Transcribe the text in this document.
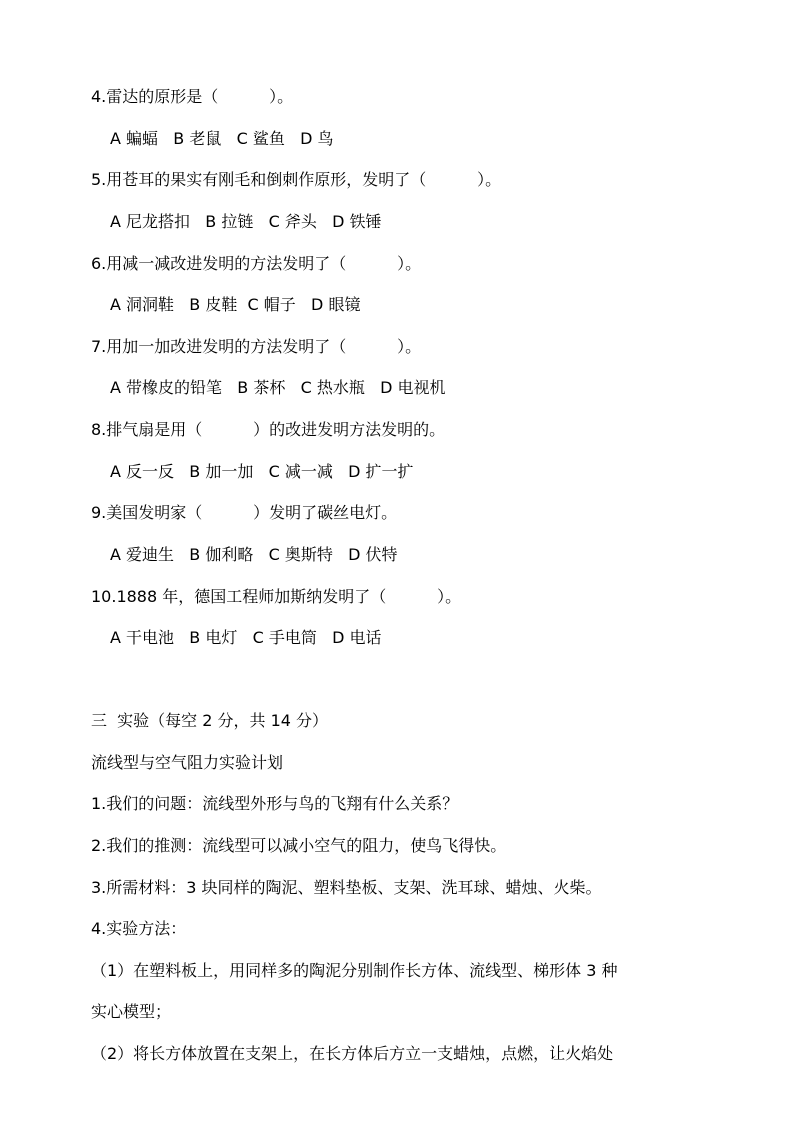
4.雷达的原形是（          ）。
A 蝙蝠   B 老鼠   C 鲨鱼   D 鸟
5.用苍耳的果实有刚毛和倒刺作原形，发明了（          ）。
A 尼龙搭扣   B 拉链   C 斧头   D 铁锤
6.用减一减改进发明的方法发明了（          ）。
A 洞洞鞋   B 皮鞋  C 帽子   D 眼镜
7.用加一加改进发明的方法发明了（          ）。
A 带橡皮的铅笔   B 茶杯   C 热水瓶   D 电视机
8.排气扇是用（          ）的改进发明方法发明的。
A 反一反   B 加一加   C 减一减   D 扩一扩
9.美国发明家（          ）发明了碳丝电灯。
A 爱迪生   B 伽利略   C 奥斯特   D 伏特
10.1888 年，德国工程师加斯纳发明了（          ）。
A 干电池   B 电灯   C 手电筒   D 电话
三  实验（每空 2 分，共 14 分）
流线型与空气阻力实验计划
1.我们的问题：流线型外形与鸟的飞翔有什么关系？
2.我们的推测：流线型可以减小空气的阻力，使鸟飞得快。
3.所需材料：3 块同样的陶泥、塑料垫板、支架、洗耳球、蜡烛、火柴。
4.实验方法：
（1）在塑料板上，用同样多的陶泥分别制作长方体、流线型、梯形体 3 种
实心模型；
（2）将长方体放置在支架上，在长方体后方立一支蜡烛，点燃，让火焰处
